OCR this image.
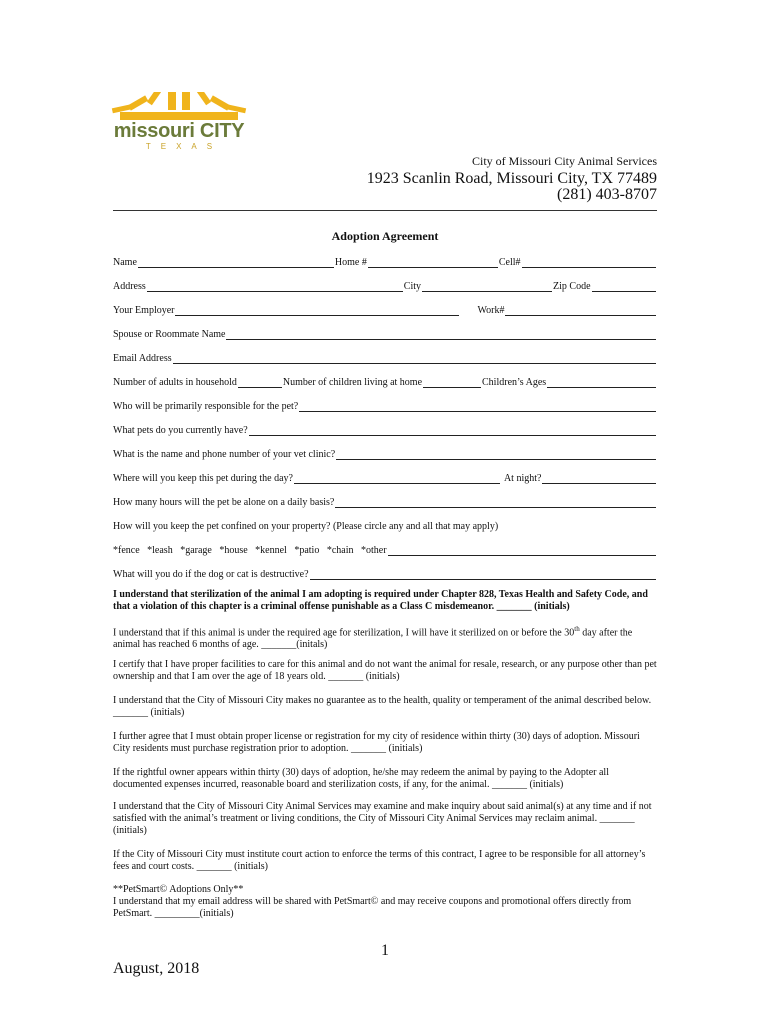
missouri CITY
TEXAS
City of Missouri City Animal Services
1923 Scanlin Road, Missouri City, TX 77489
(281) 403-8707
Adoption Agreement
Name	Home #	Cell#
Address	City	Zip Code
Your Employer	Work#
Spouse or Roommate Name
Email Address
Number of adults in household	Number of children living at home	Children’s Ages
Who will be primarily responsible for the pet?
What pets do you currently have?
What is the name and phone number of your vet clinic?
Where will you keep this pet during the day?	At night?
How many hours will the pet be alone on a daily basis?
How will you keep the pet confined on your property? (Please circle any and all that may apply)
*fence   *leash   *garage   *house   *kennel   *patio   *chain   *other
What will you do if the dog or cat is destructive?
I understand that sterilization of the animal I am adopting is required under Chapter 828, Texas Health and Safety Code, and that a violation of this chapter is a criminal offense punishable as a Class C misdemeanor. _______ (initials)
I understand that if this animal is under the required age for sterilization, I will have it sterilized on or before the 30th day after the animal has reached 6 months of age. _______(initals)
I certify that I have proper facilities to care for this animal and do not want the animal for resale, research, or any purpose other than pet ownership and that I am over the age of 18 years old. _______ (initials)
I understand that the City of Missouri City makes no guarantee as to the health, quality or temperament of the animal described below. _______ (initials)
I further agree that I must obtain proper license or registration for my city of residence within thirty (30) days of adoption. Missouri City residents must purchase registration prior to adoption. _______ (initials)
If the rightful owner appears within thirty (30) days of adoption, he/she may redeem the animal by paying to the Adopter all documented expenses incurred, reasonable board and sterilization costs, if any, for the animal. _______ (initials)
I understand that the City of Missouri City Animal Services may examine and make inquiry about said animal(s) at any time and if not satisfied with the animal’s treatment or living conditions, the City of Missouri City Animal Services may reclaim animal. _______ (initials)
If the City of Missouri City must institute court action to enforce the terms of this contract, I agree to be responsible for all attorney’s fees and court costs. _______ (initials)
**PetSmart© Adoptions Only**
I understand that my email address will be shared with PetSmart© and may receive coupons and promotional offers directly from PetSmart. _________(initials)
1
August, 2018
